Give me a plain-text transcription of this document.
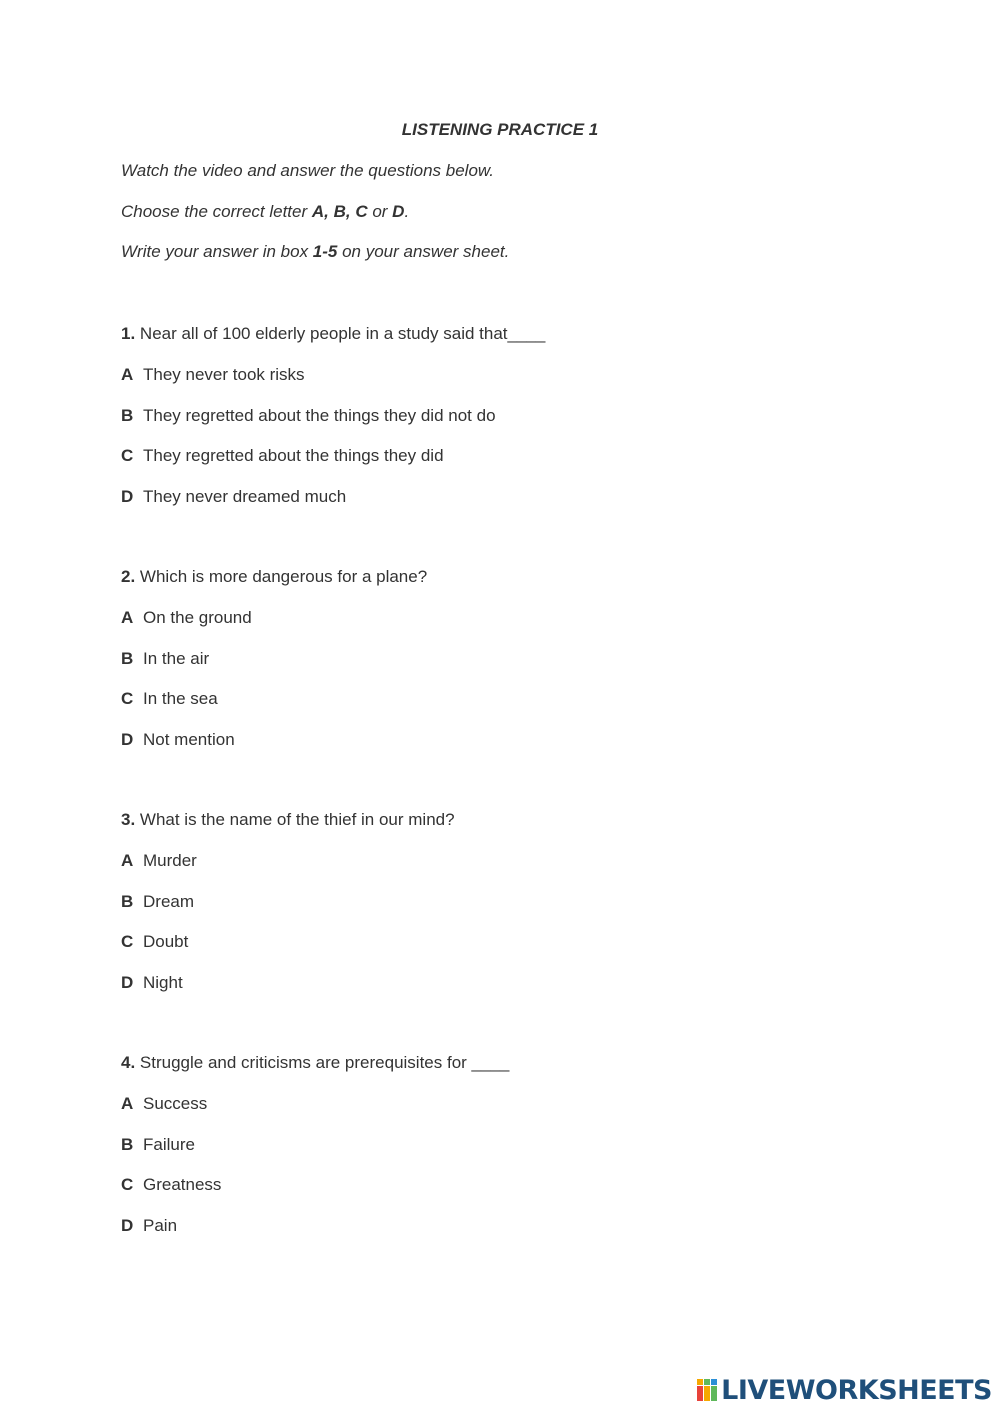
LISTENING PRACTICE 1
Watch the video and answer the questions below.
Choose the correct letter A, B, C or D.
Write your answer in box 1-5 on your answer sheet.
1. Near all of 100 elderly people in a study said that____
A They never took risks
B They regretted about the things they did not do
C They regretted about the things they did
D They never dreamed much
2. Which is more dangerous for a plane?
A On the ground
B In the air
C In the sea
D Not mention
3. What is the name of the thief in our mind?
A Murder
B Dream
C Doubt
D Night
4. Struggle and criticisms are prerequisites for ____
A Success
B Failure
C Greatness
D Pain
LIVEWORKSHEETS
